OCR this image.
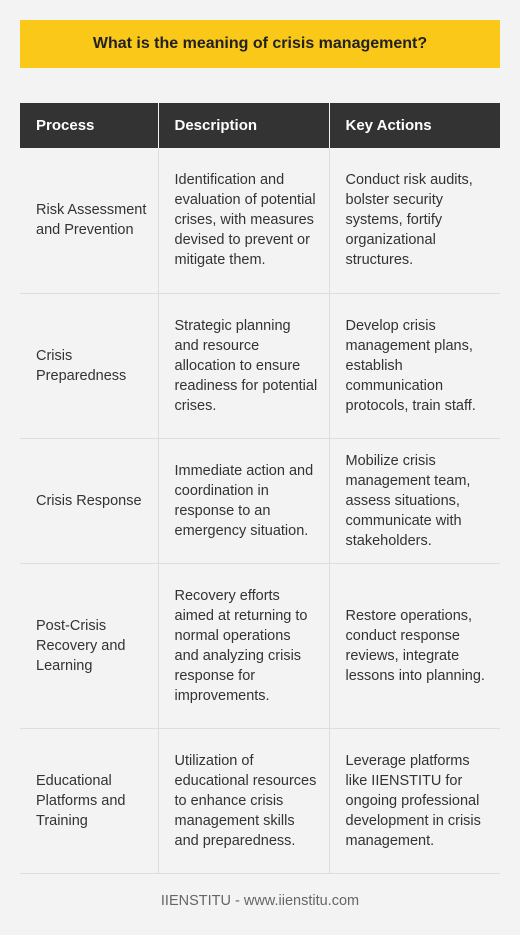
What is the meaning of crisis management?
Process	Description	Key Actions

Risk Assessment and Prevention	Identification and evaluation of potential crises, with measures devised to prevent or mitigate them.	Conduct risk audits, bolster security systems, fortify organizational structures.

Crisis Preparedness	Strategic planning and resource allocation to ensure readiness for potential crises.	Develop crisis management plans, establish communication protocols, train staff.

Crisis Response	Immediate action and coordination in response to an emergency situation.	Mobilize crisis management team, assess situations, communicate with stakeholders.

Post-Crisis Recovery and Learning	Recovery efforts aimed at returning to normal operations and analyzing crisis response for improvements.	Restore operations, conduct response reviews, integrate lessons into planning.

Educational Platforms and Training	Utilization of educational resources to enhance crisis management skills and preparedness.	Leverage platforms like IIENSTITU for ongoing professional development in crisis management.
IIENSTITU - www.iienstitu.com
